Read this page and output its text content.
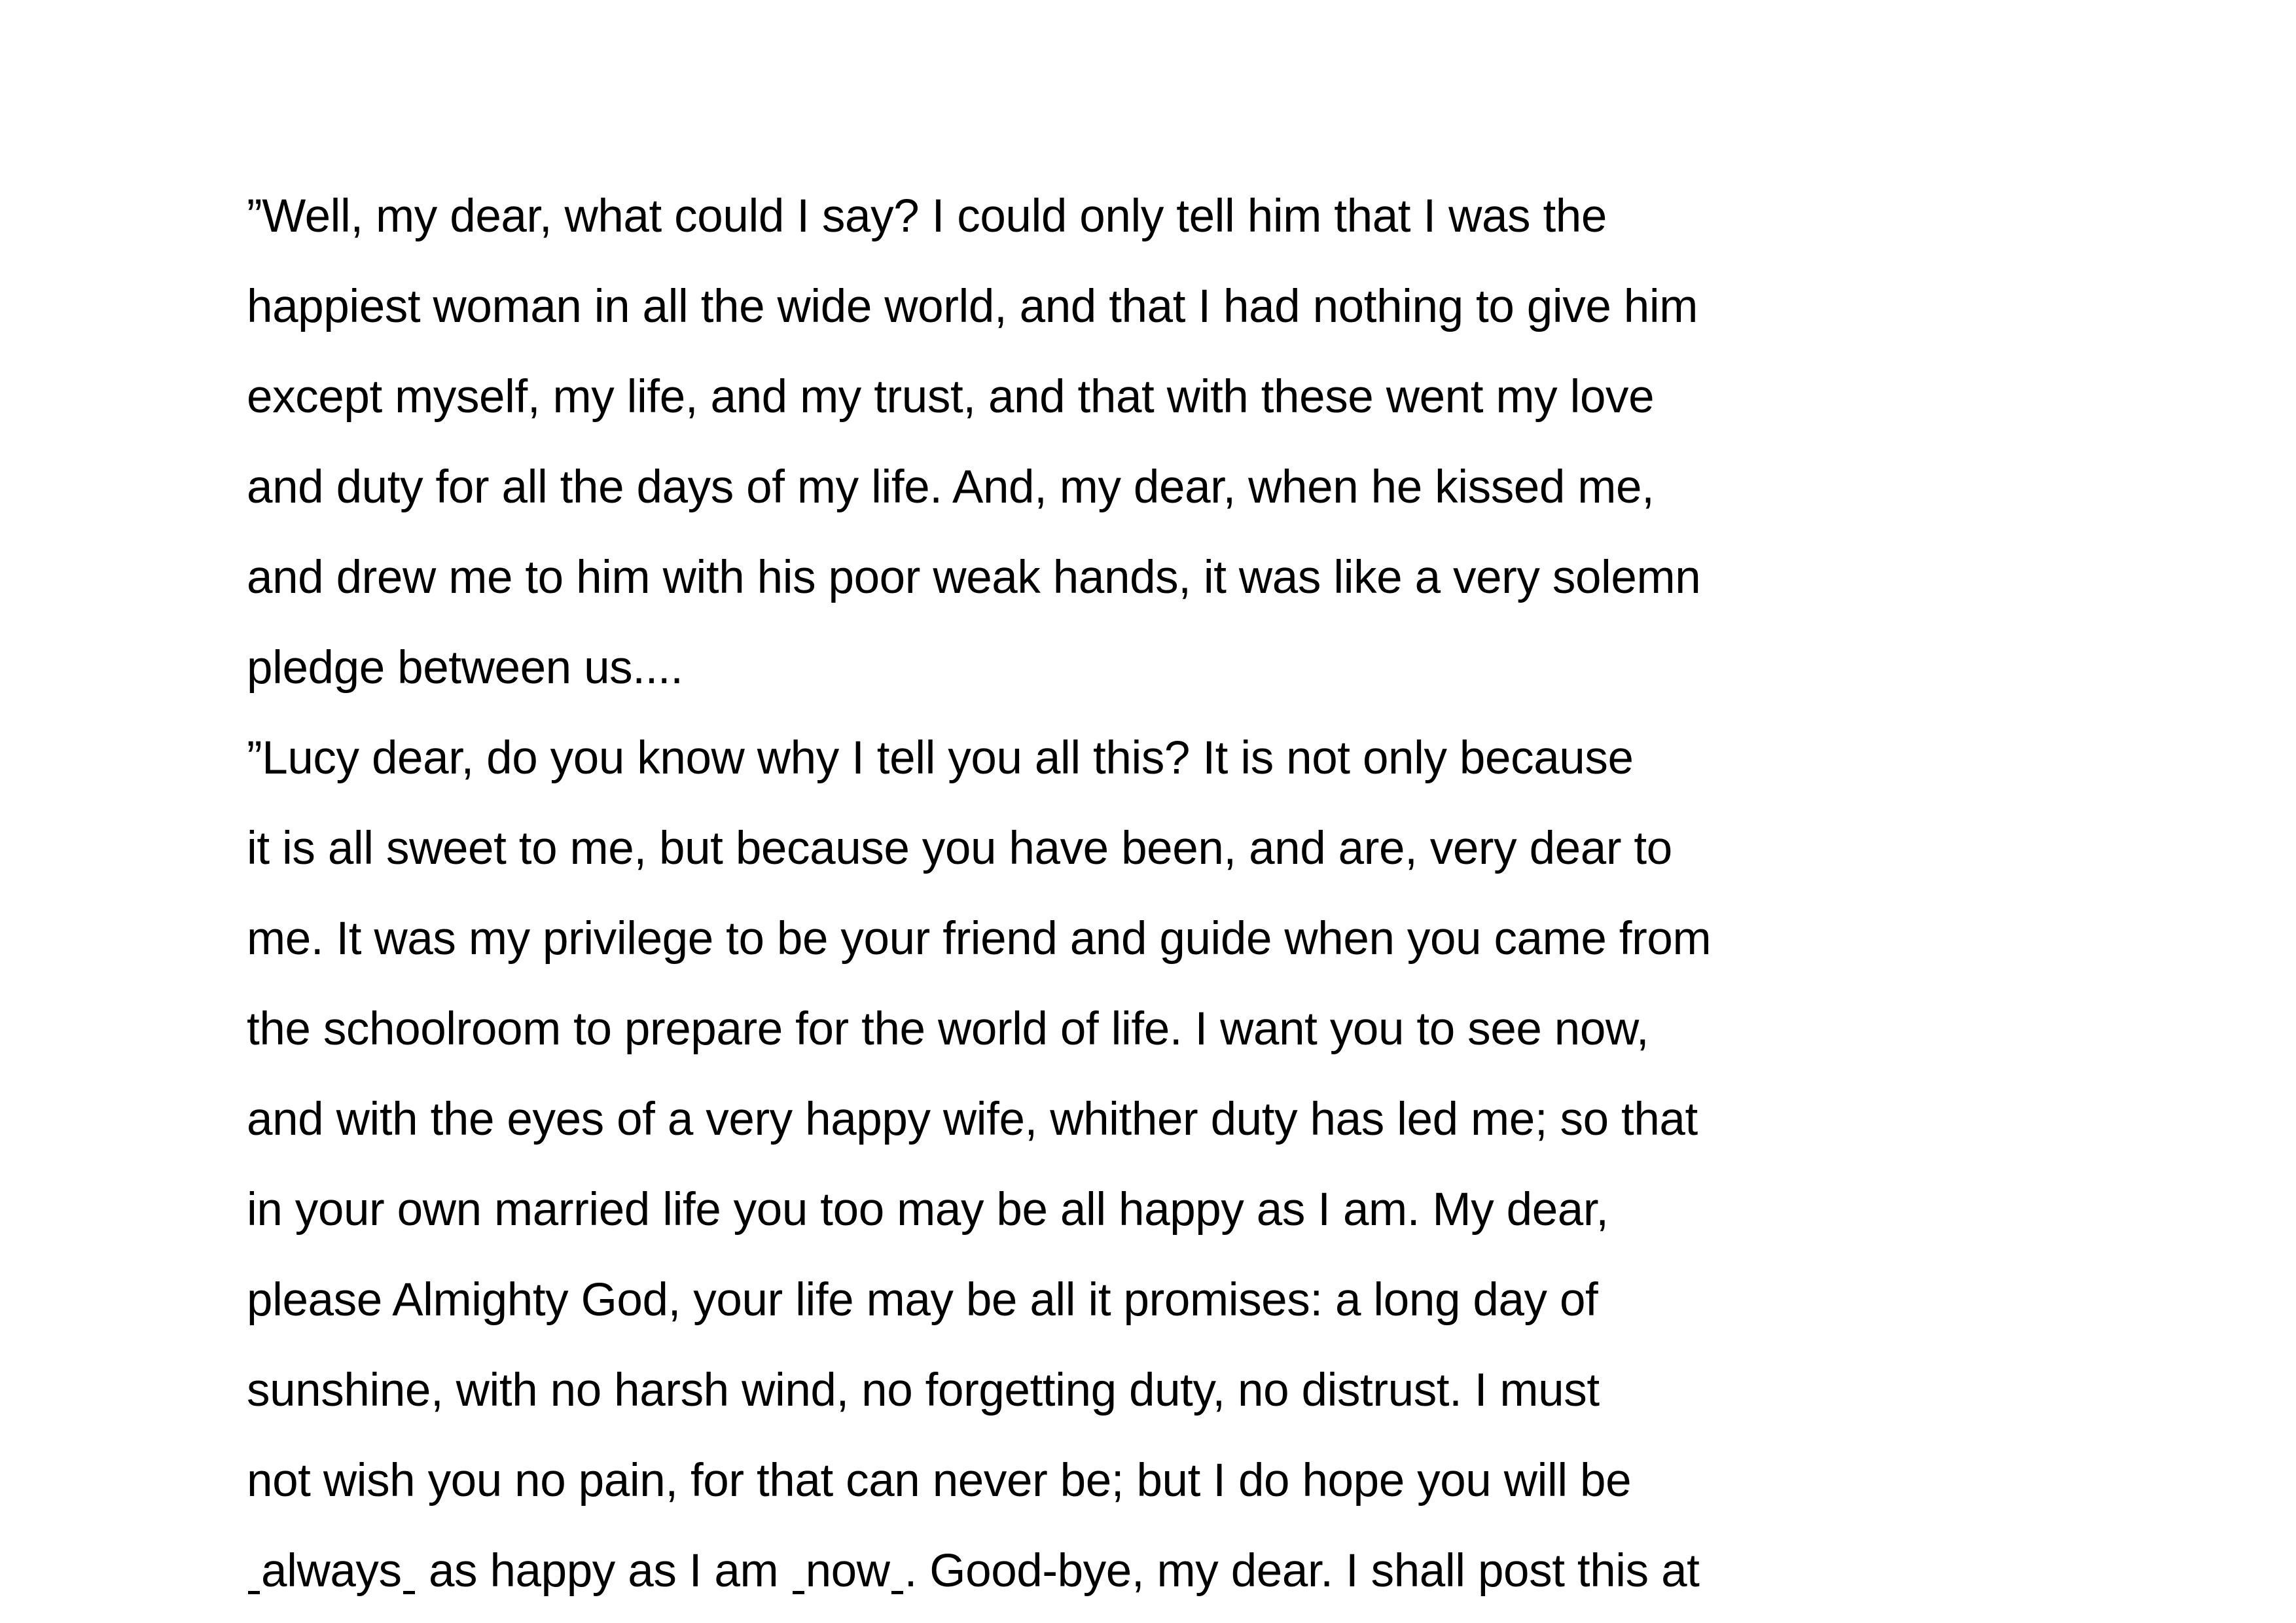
”Well, my dear, what could I say? I could only tell him that I was the
happiest woman in all the wide world, and that I had nothing to give him
except myself, my life, and my trust, and that with these went my love
and duty for all the days of my life. And, my dear, when he kissed me,
and drew me to him with his poor weak hands, it was like a very solemn
pledge between us....
”Lucy dear, do you know why I tell you all this? It is not only because
it is all sweet to me, but because you have been, and are, very dear to
me. It was my privilege to be your friend and guide when you came from
the schoolroom to prepare for the world of life. I want you to see now,
and with the eyes of a very happy wife, whither duty has led me; so that
in your own married life you too may be all happy as I am. My dear,
please Almighty God, your life may be all it promises: a long day of
sunshine, with no harsh wind, no forgetting duty, no distrust. I must
not wish you no pain, for that can never be; but I do hope you will be
always as happy as I am now . Good-bye, my dear. I shall post this at
